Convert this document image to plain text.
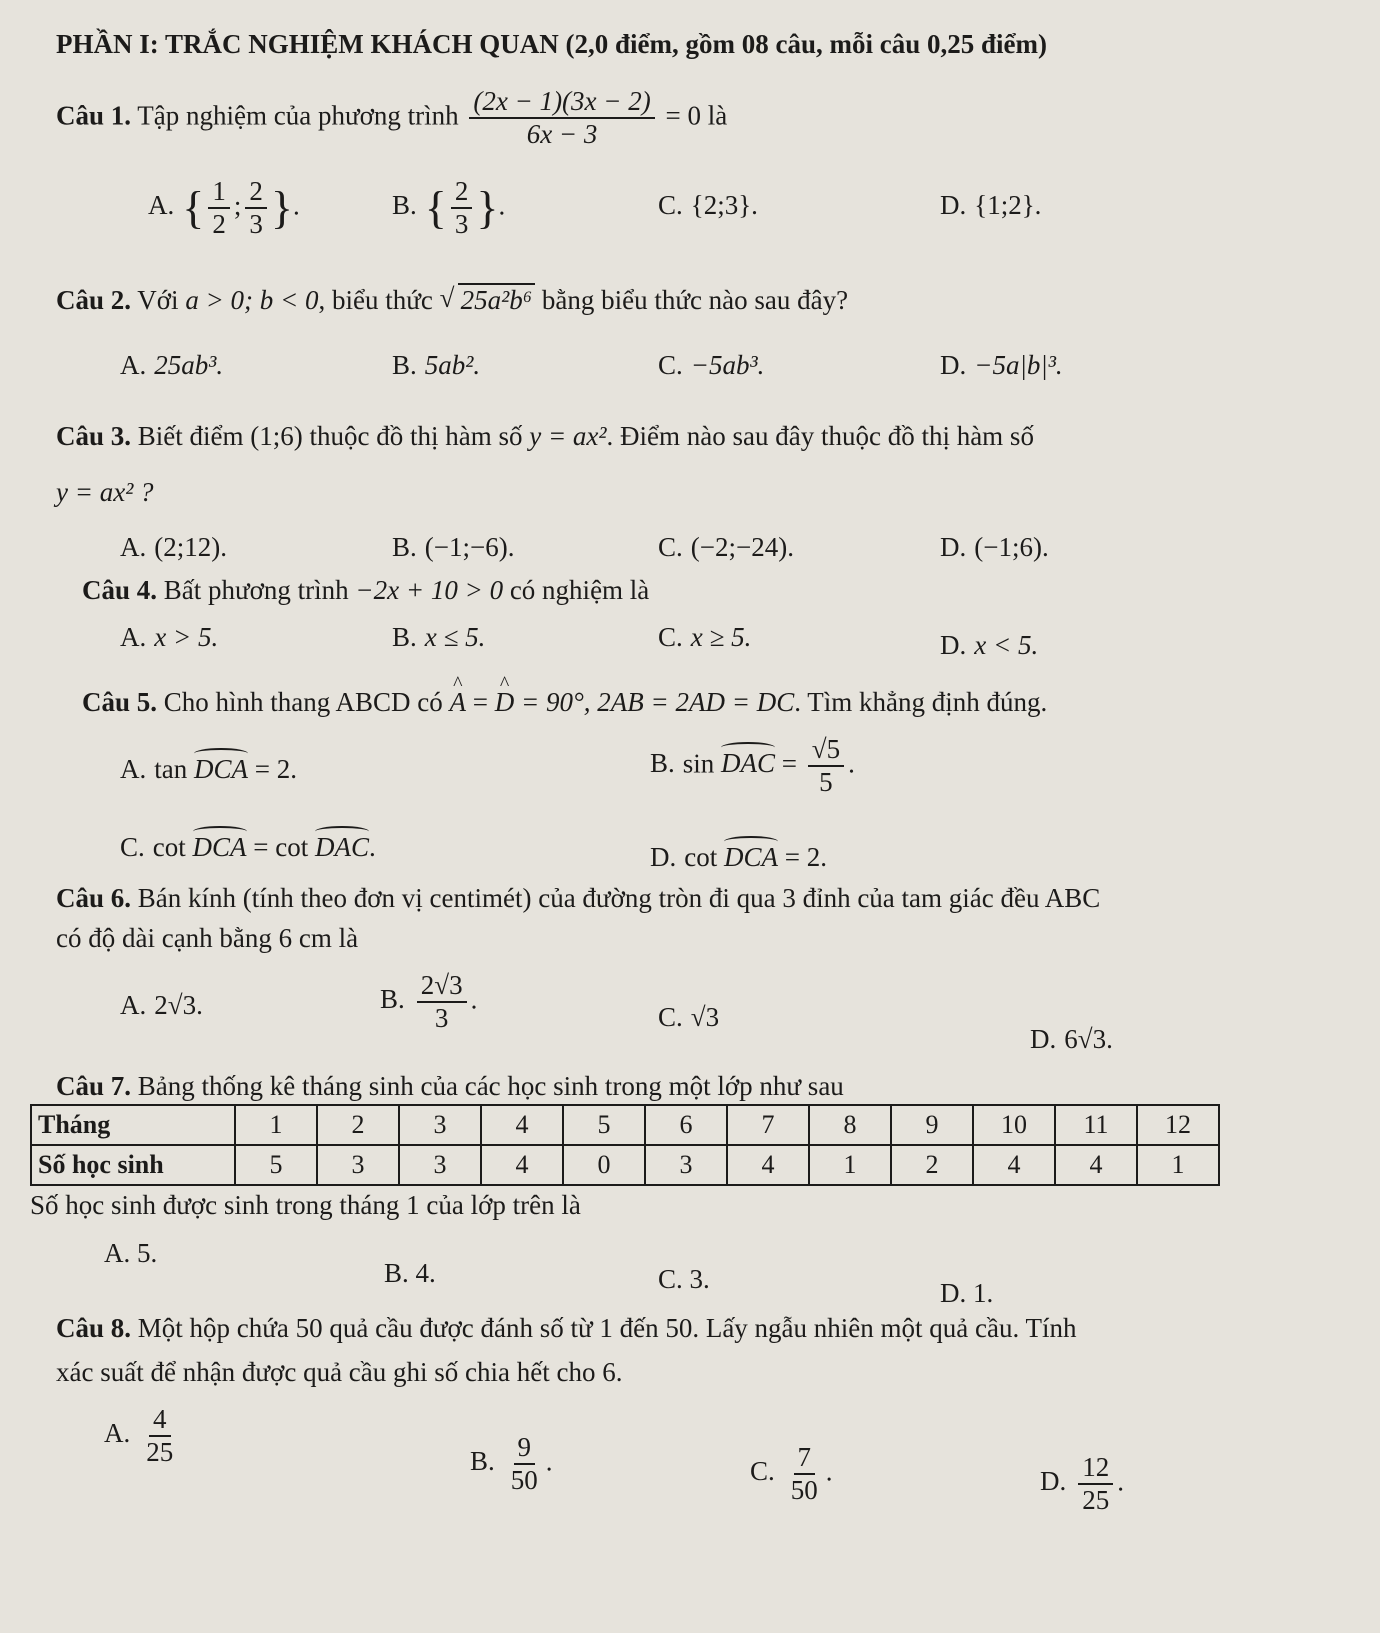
PHẦN I: TRẮC NGHIỆM KHÁCH QUAN (2,0 điểm, gồm 08 câu, mỗi câu 0,25 điểm)
Câu 1. Tập nghiệm của phương trình $\frac{(2x - 1)(3x - 2)}{6x - 3} = 0$ là
A. { $\frac{1}{2}$ ; $\frac{2}{3}$ }.	B. { $\frac{2}{3}$ }.	C. {2;3}.	D. {1;2}.
Câu 2. Với a > 0; b < 0, biểu thức √ 25a²b⁶ bằng biểu thức nào sau đây?
A. 25ab³.	B. 5ab².	C. −5ab³.	D. −5a|b|³.
Câu 3. Biết điểm (1;6) thuộc đồ thị hàm số y = ax². Điểm nào sau đây thuộc đồ thị hàm số
y = ax² ?
A. (2;12).	B. (−1;−6).	C. (−2;−24).	D. (−1;6).
Câu 4. Bất phương trình −2x + 10 > 0 có nghiệm là
A. x > 5.	B. x ≤ 5.	C. x ≥ 5.	D. x < 5.
Câu 5. Cho hình thang ABCD có ^ A = ^ D = 90°, 2AB = 2AD = DC. Tìm khẳng định đúng.
A. tan DCA = 2.	B. sin DAC = $\frac{√5}{5}$ .
C. cot DCA = cot DAC.	D. cot DCA = 2.
Câu 6. Bán kính (tính theo đơn vị centimét) của đường tròn đi qua 3 đỉnh của tam giác đều ABC
có độ dài cạnh bằng 6 cm là
A. 2√3.	B. $\frac{2√3}{3}$ .
C. √3
D. 6√3.
Câu 7. Bảng thống kê tháng sinh của các học sinh trong một lớp như sau
Tháng	1	2	3	4	5	6	7	8	9	10	11	12
Số học sinh	5	3	3	4	0	3	4	1	2	4	4	1
Số học sinh được sinh trong tháng 1 của lớp trên là
A. 5.
B. 4.	C. 3.	D. 1.
Câu 8. Một hộp chứa 50 quả cầu được đánh số từ 1 đến 50. Lấy ngẫu nhiên một quả cầu. Tính
xác suất để nhận được quả cầu ghi số chia hết cho 6.
A. $\frac{4}{25}$	B. $\frac{9}{50}$ .	C. $\frac{7}{50}$ .	D. $\frac{12}{25}$ .
